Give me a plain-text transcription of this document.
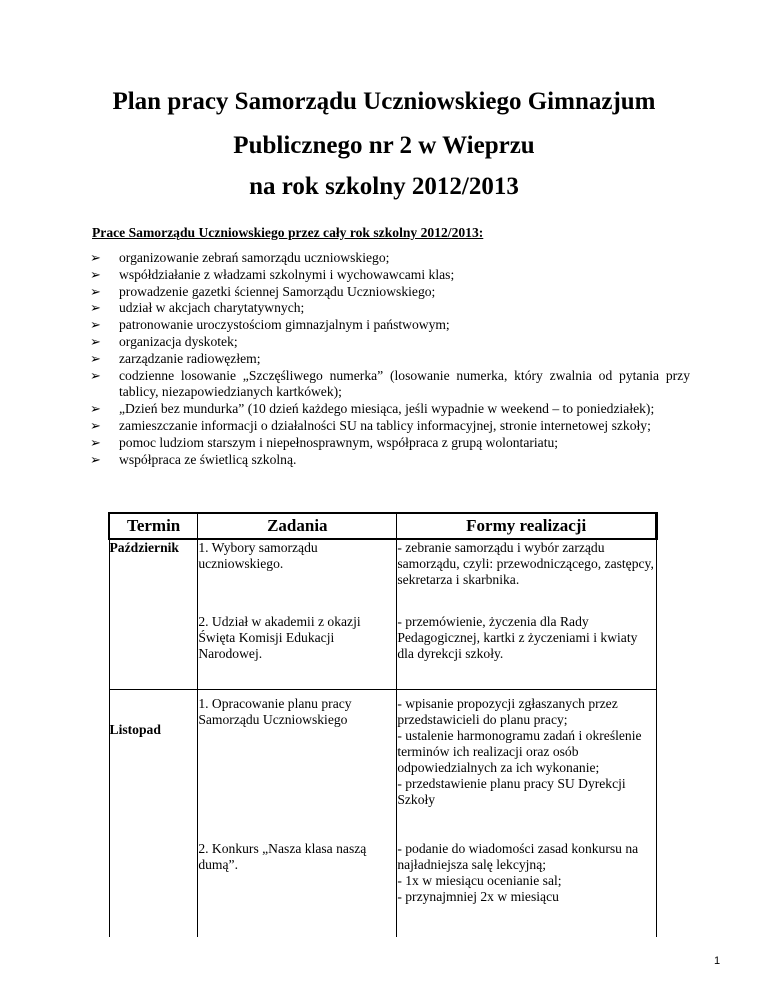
Plan pracy Samorządu Uczniowskiego Gimnazjum
Publicznego nr 2 w Wieprzu
na rok szkolny 2012/2013
Prace Samorządu Uczniowskiego przez cały rok szkolny 2012/2013:
➢ organizowanie zebrań samorządu uczniowskiego;
➢ współdziałanie z władzami szkolnymi i wychowawcami klas;
➢ prowadzenie gazetki ściennej Samorządu Uczniowskiego;
➢ udział w akcjach charytatywnych;
➢ patronowanie uroczystościom gimnazjalnym i państwowym;
➢ organizacja dyskotek;
➢ zarządzanie radiowęzłem;
➢ codzienne losowanie „Szczęśliwego numerka” (losowanie numerka, który zwalnia od pytania przy tablicy, niezapowiedzianych kartkówek);
➢ „Dzień bez mundurka” (10 dzień każdego miesiąca, jeśli wypadnie w weekend – to poniedziałek);
➢ zamieszczanie informacji o działalności SU na tablicy informacyjnej, stronie internetowej szkoły;
➢ pomoc ludziom starszym i niepełnosprawnym, współpraca z grupą wolontariatu;
➢ współpraca ze świetlicą szkolną.
Termin	Zadania	Formy realizacji
Październik	1. Wybory samorządu uczniowskiego.	- zebranie samorządu i wybór zarządu samorządu, czyli: przewodniczącego, zastępcy, sekretarza i skarbnika.
	2. Udział w akademii z okazji Święta Komisji Edukacji Narodowej.	- przemówienie, życzenia dla Rady Pedagogicznej, kartki z życzeniami i kwiaty dla dyrekcji szkoły.
Listopad	1. Opracowanie planu pracy Samorządu Uczniowskiego	- wpisanie propozycji zgłaszanych przez przedstawicieli do planu pracy;
- ustalenie harmonogramu zadań i określenie terminów ich realizacji oraz osób odpowiedzialnych za ich wykonanie;
- przedstawienie planu pracy SU Dyrekcji Szkoły

	2. Konkurs „Nasza klasa naszą dumą”.	- podanie do wiadomości zasad konkursu na najładniejsza salę lekcyjną;
- 1x w miesiącu ocenianie sal;
- przynajmniej 2x w miesiącu
1
